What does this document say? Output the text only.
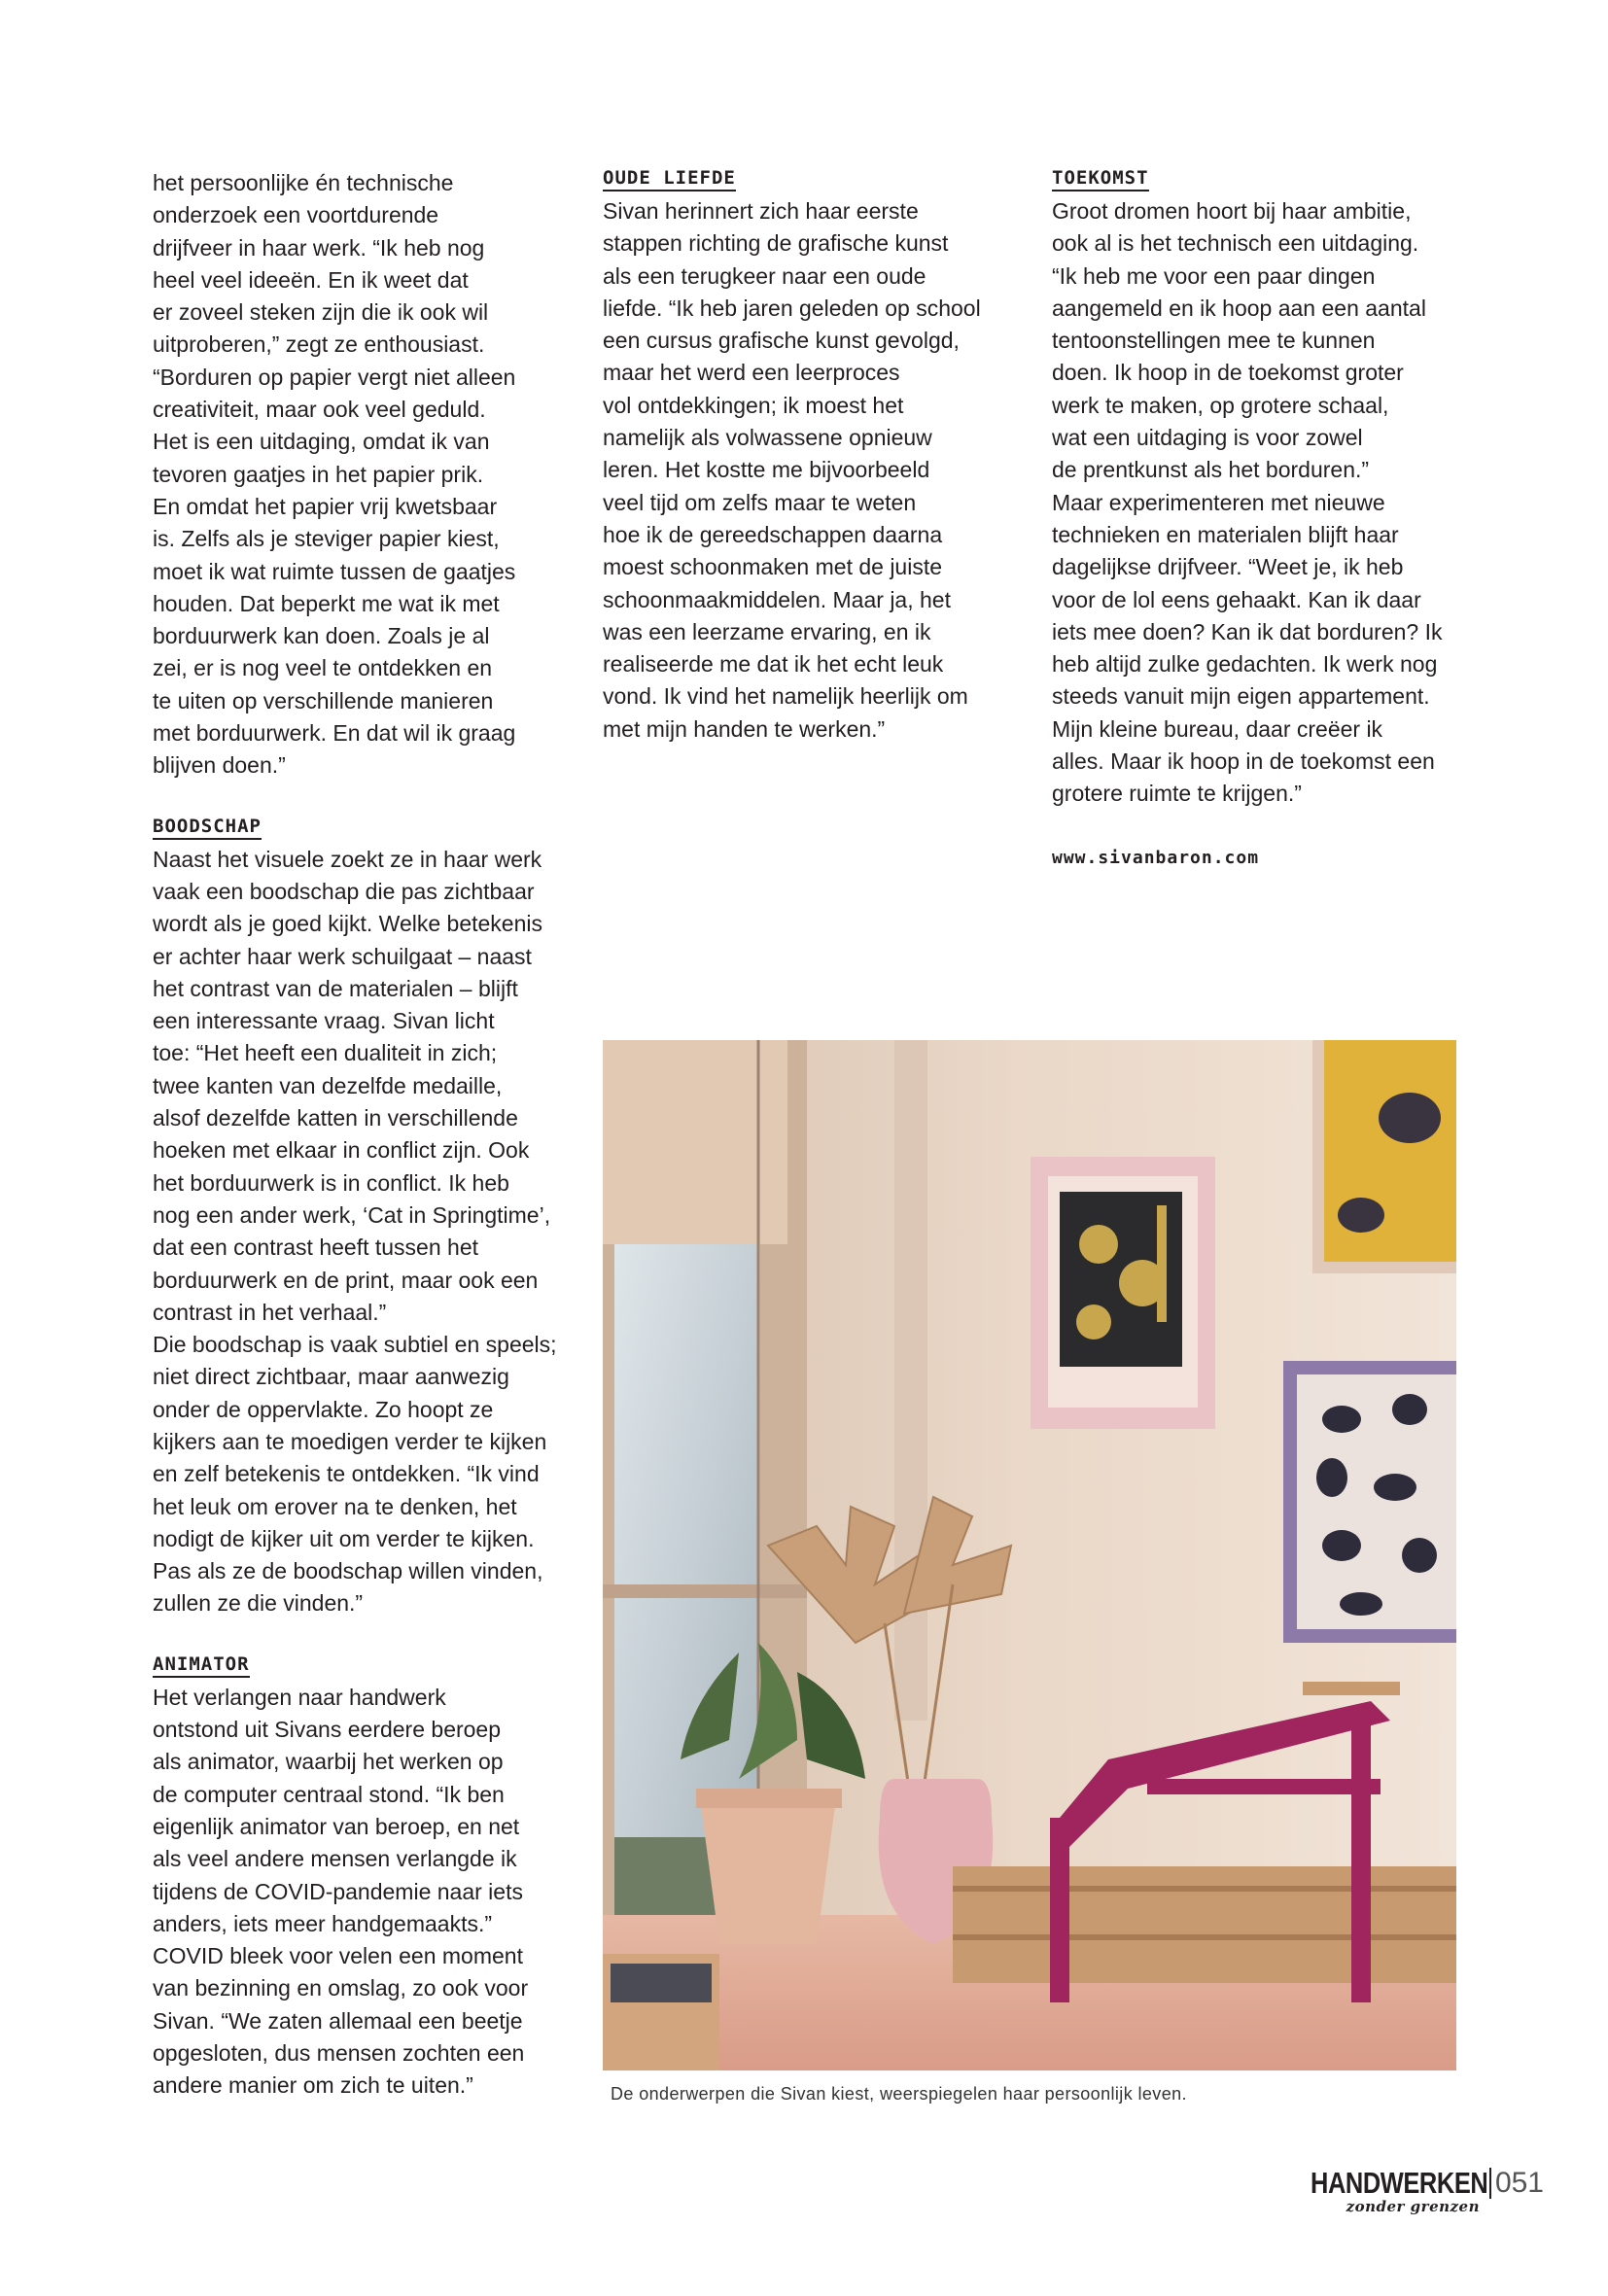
het persoonlijke én technische
onderzoek een voortdurende
drijfveer in haar werk. “Ik heb nog
heel veel ideeën. En ik weet dat
er zoveel steken zijn die ik ook wil
uitproberen,” zegt ze enthousiast.
“Borduren op papier vergt niet alleen
creativiteit, maar ook veel geduld.
Het is een uitdaging, omdat ik van
tevoren gaatjes in het papier prik.
En omdat het papier vrij kwetsbaar
is. Zelfs als je steviger papier kiest,
moet ik wat ruimte tussen de gaatjes
houden. Dat beperkt me wat ik met
borduurwerk kan doen. Zoals je al
zei, er is nog veel te ontdekken en
te uiten op verschillende manieren
met borduurwerk. En dat wil ik graag
blijven doen.”

BOODSCHAP

Naast het visuele zoekt ze in haar werk
vaak een boodschap die pas zichtbaar
wordt als je goed kijkt. Welke betekenis
er achter haar werk schuilgaat – naast
het contrast van de materialen – blijft
een interessante vraag. Sivan licht
toe: “Het heeft een dualiteit in zich;
twee kanten van dezelfde medaille,
alsof dezelfde katten in verschillende
hoeken met elkaar in conflict zijn. Ook
het borduurwerk is in conflict. Ik heb
nog een ander werk, ‘Cat in Springtime’,
dat een contrast heeft tussen het
borduurwerk en de print, maar ook een
contrast in het verhaal.”
Die boodschap is vaak subtiel en speels;
niet direct zichtbaar, maar aanwezig
onder de oppervlakte. Zo hoopt ze
kijkers aan te moedigen verder te kijken
en zelf betekenis te ontdekken. “Ik vind
het leuk om erover na te denken, het
nodigt de kijker uit om verder te kijken.
Pas als ze de boodschap willen vinden,
zullen ze die vinden.”

ANIMATOR

Het verlangen naar handwerk
ontstond uit Sivans eerdere beroep
als animator, waarbij het werken op
de computer centraal stond. “Ik ben
eigenlijk animator van beroep, en net
als veel andere mensen verlangde ik
tijdens de COVID-pandemie naar iets
anders, iets meer handgemaakts.”
COVID bleek voor velen een moment
van bezinning en omslag, zo ook voor
Sivan. “We zaten allemaal een beetje
opgesloten, dus mensen zochten een
andere manier om zich te uiten.”

OUDE LIEFDE

Sivan herinnert zich haar eerste
stappen richting de grafische kunst
als een terugkeer naar een oude
liefde. “Ik heb jaren geleden op school
een cursus grafische kunst gevolgd,
maar het werd een leerproces
vol ontdekkingen; ik moest het
namelijk als volwassene opnieuw
leren. Het kostte me bijvoorbeeld
veel tijd om zelfs maar te weten
hoe ik de gereedschappen daarna
moest schoonmaken met de juiste
schoonmaakmiddelen. Maar ja, het
was een leerzame ervaring, en ik
realiseerde me dat ik het echt leuk
vond. Ik vind het namelijk heerlijk om
met mijn handen te werken.”

TOEKOMST

Groot dromen hoort bij haar ambitie,
ook al is het technisch een uitdaging.
“Ik heb me voor een paar dingen
aangemeld en ik hoop aan een aantal
tentoonstellingen mee te kunnen
doen. Ik hoop in de toekomst groter
werk te maken, op grotere schaal,
wat een uitdaging is voor zowel
de prentkunst als het borduren.”
Maar experimenteren met nieuwe
technieken en materialen blijft haar
dagelijkse drijfveer. “Weet je, ik heb
voor de lol eens gehaakt. Kan ik daar
iets mee doen? Kan ik dat borduren? Ik
heb altijd zulke gedachten. Ik werk nog
steeds vanuit mijn eigen appartement.
Mijn kleine bureau, daar creëer ik
alles. Maar ik hoop in de toekomst een
grotere ruimte te krijgen.”

www.sivanbaron.com

De onderwerpen die Sivan kiest, weerspiegelen haar persoonlijk leven.
HANDWERKEN 051
zonder grenzen
